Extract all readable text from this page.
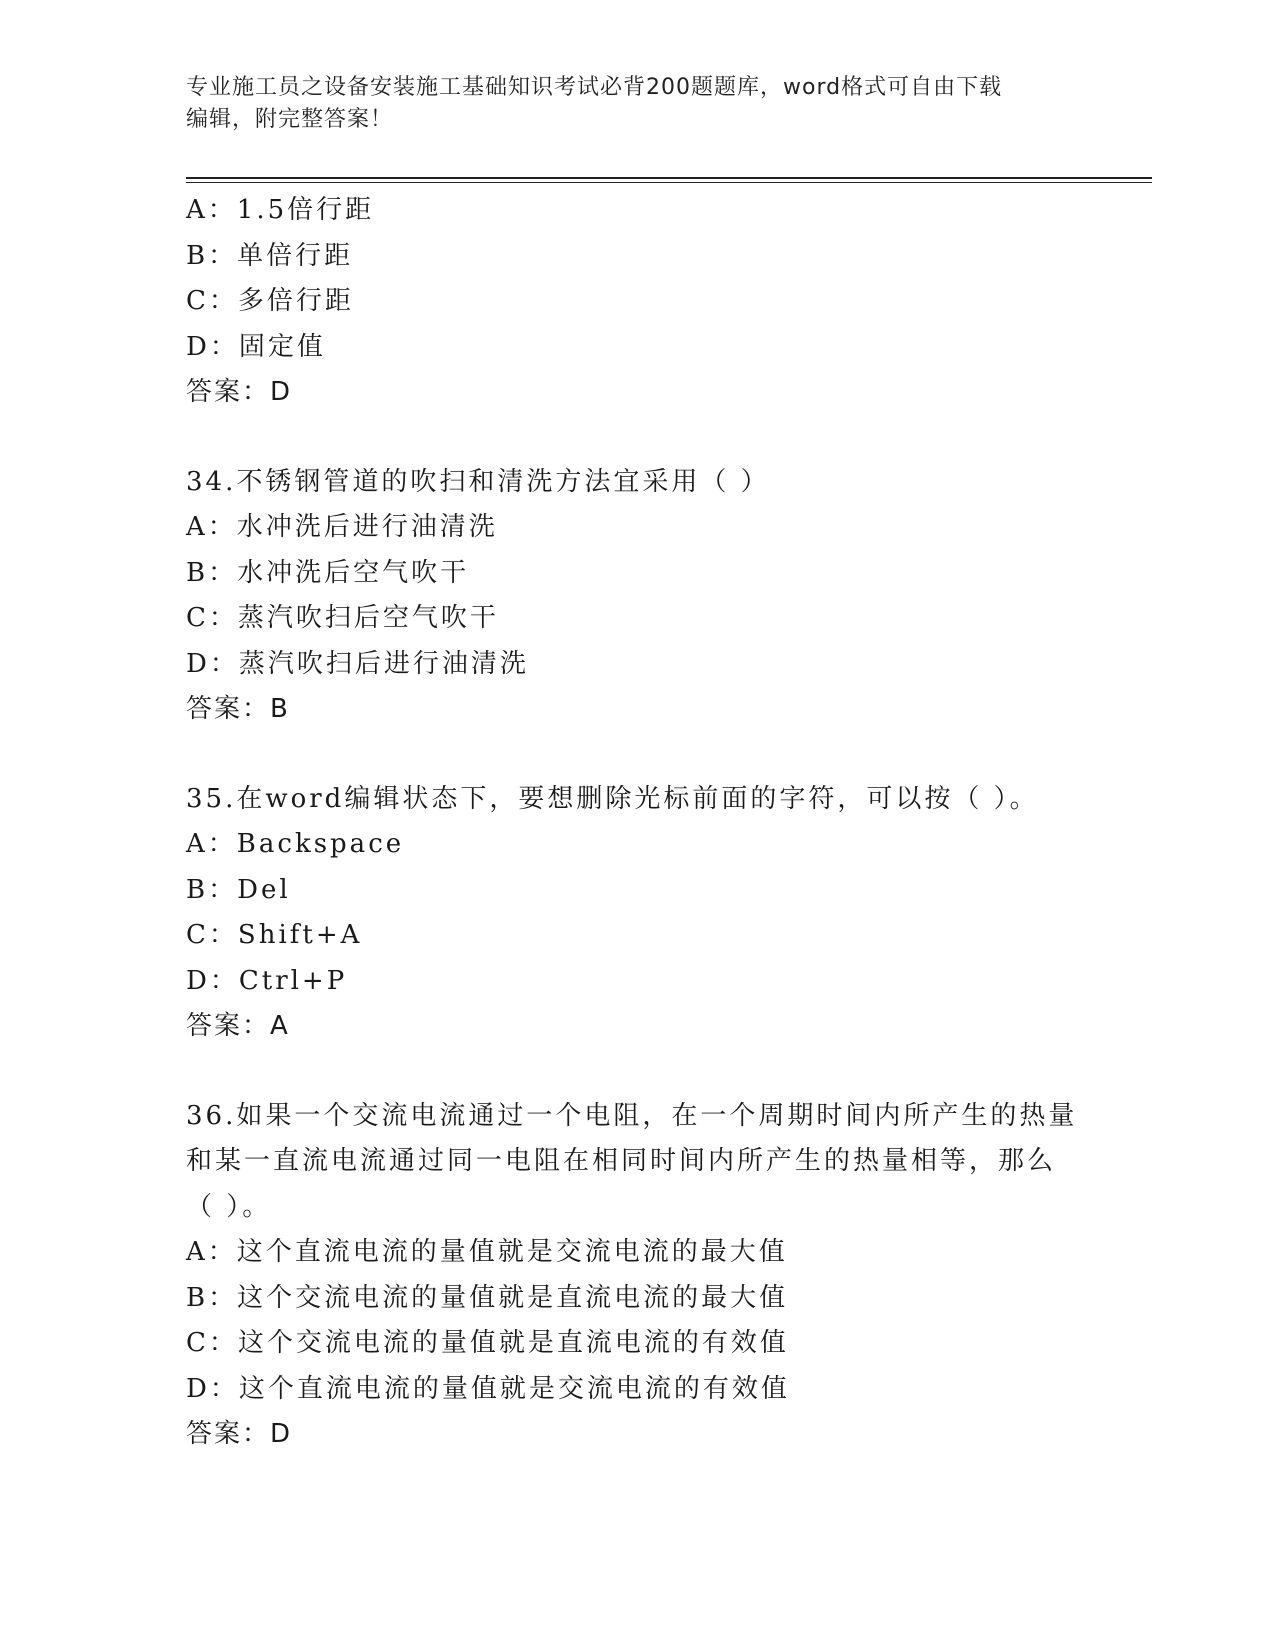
专业施工员之设备安装施工基础知识考试必背200题题库，word格式可自由下载
编辑，附完整答案！
A：1.5倍行距
B：单倍行距
C：多倍行距
D：固定值
答案：D
34.不锈钢管道的吹扫和清洗方法宜采用（ ）
A：水冲洗后进行油清洗
B：水冲洗后空气吹干
C：蒸汽吹扫后空气吹干
D：蒸汽吹扫后进行油清洗
答案：B
35.在word编辑状态下，要想删除光标前面的字符，可以按（ ）。
A：Backspace
B：Del
C：Shift+A
D：Ctrl+P
答案：A
36.如果一个交流电流通过一个电阻，在一个周期时间内所产生的热量
和某一直流电流通过同一电阻在相同时间内所产生的热量相等，那么
（ ）。
A：这个直流电流的量值就是交流电流的最大值
B：这个交流电流的量值就是直流电流的最大值
C：这个交流电流的量值就是直流电流的有效值
D：这个直流电流的量值就是交流电流的有效值
答案：D
